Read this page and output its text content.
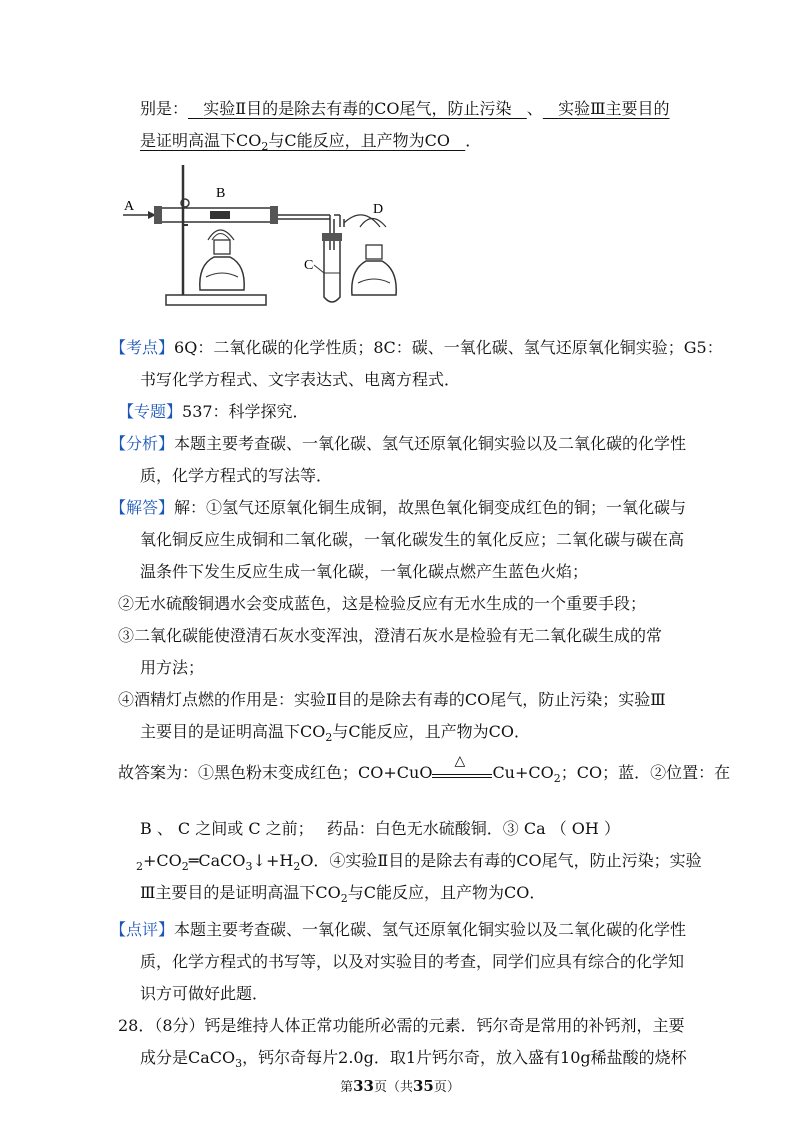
别是： 实验Ⅱ目的是除去有毒的CO尾气，防止污染 、 实验Ⅲ主要目的
是证明高温下$CO_2$与C能反应，且产物为CO ．
A
B
C
D
【考点】6Q：二氧化碳的化学性质；8C：碳、一氧化碳、氢气还原氧化铜实验；G5：
书写化学方程式、文字表达式、电离方程式．
【专题】537：科学探究．
【分析】本题主要考查碳、一氧化碳、氢气还原氧化铜实验以及二氧化碳的化学性
质，化学方程式的写法等．
【解答】解：①氢气还原氧化铜生成铜，故黑色氧化铜变成红色的铜；一氧化碳与
氧化铜反应生成铜和二氧化碳，一氧化碳发生的氧化反应；二氧化碳与碳在高
温条件下发生反应生成一氧化碳，一氧化碳点燃产生蓝色火焰；
②无水硫酸铜遇水会变成蓝色，这是检验反应有无水生成的一个重要手段；
③二氧化碳能使澄清石灰水变浑浊，澄清石灰水是检验有无二氧化碳生成的常
用方法；
④酒精灯点燃的作用是：实验Ⅱ目的是除去有毒的CO尾气，防止污染；实验Ⅲ
主要目的是证明高温下$CO_2$与C能反应，且产物为CO．
故答案为：①黑色粉末变成红色；CO+CuO
△
$Cu+CO_2$；CO；蓝．②位置：在
B 、 C 之间或 C 之前；　 药品：白色无水硫酸铜．③ Ca （ OH ）
$_2+CO_2═CaCO_3↓+H_2O$．④实验Ⅱ目的是除去有毒的CO尾气，防止污染；实验
Ⅲ主要目的是证明高温下$CO_2$与C能反应，且产物为CO．
【点评】本题主要考查碳、一氧化碳、氢气还原氧化铜实验以及二氧化碳的化学性
质，化学方程式的书写等，以及对实验目的考查，同学们应具有综合的化学知
识方可做好此题．
28．（8分）钙是维持人体正常功能所必需的元素．钙尔奇是常用的补钙剂，主要
成分是CaCO$_3$，钙尔奇每片2.0g．取1片钙尔奇，放入盛有10g稀盐酸的烧杯
第33页（共35页）
